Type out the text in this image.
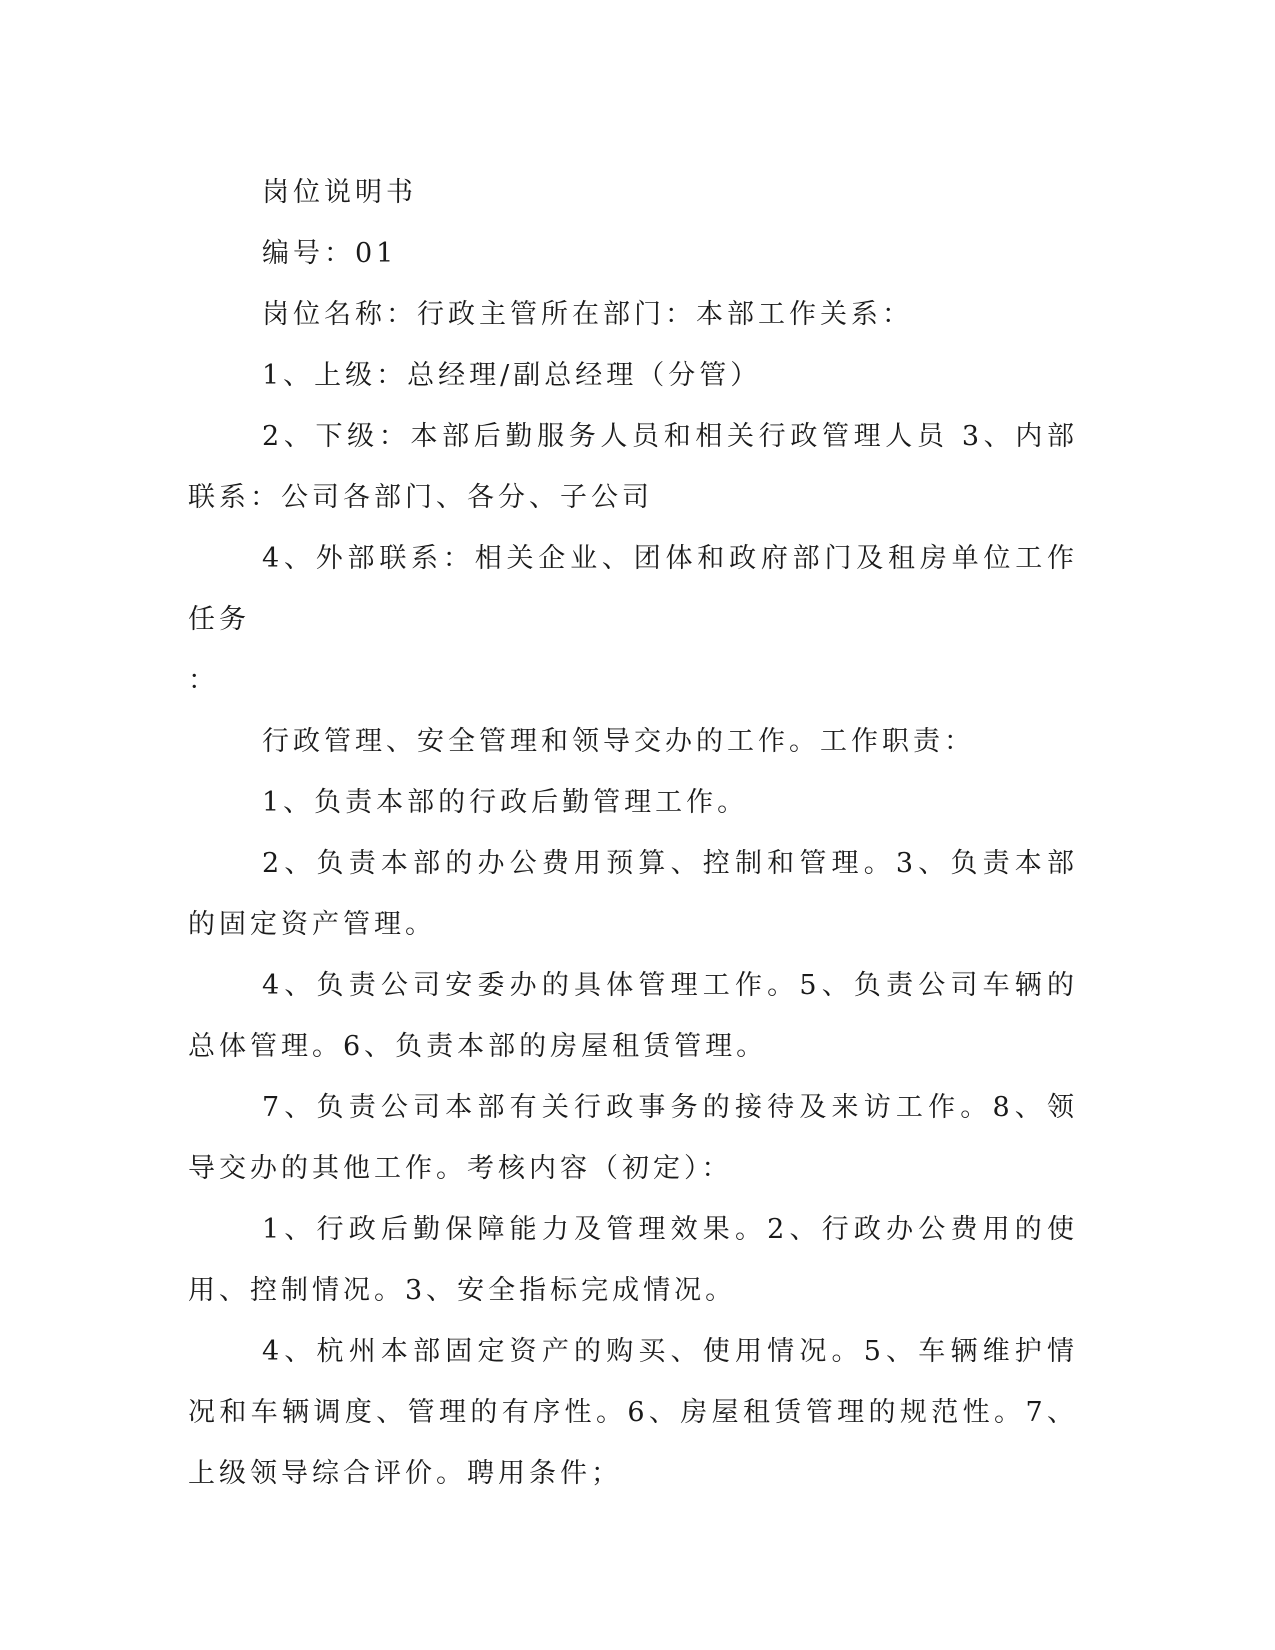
岗位说明书

编号：01

岗位名称：行政主管所在部门：本部工作关系：

1、上级：总经理/副总经理（分管）

2、下级：本部后勤服务人员和相关行政管理人员 3、内部联系：公司各部门、各分、子公司

4、外部联系：相关企业、团体和政府部门及租房单位工作任务

：

行政管理、安全管理和领导交办的工作。工作职责：

1、负责本部的行政后勤管理工作。

2、负责本部的办公费用预算、控制和管理。3、负责本部的固定资产管理。

4、负责公司安委办的具体管理工作。5、负责公司车辆的总体管理。6、负责本部的房屋租赁管理。

7、负责公司本部有关行政事务的接待及来访工作。8、领导交办的其他工作。考核内容（初定）：

1、行政后勤保障能力及管理效果。2、行政办公费用的使用、控制情况。3、安全指标完成情况。

4、杭州本部固定资产的购买、使用情况。5、车辆维护情况和车辆调度、管理的有序性。6、房屋租赁管理的规范性。7、上级领导综合评价。聘用条件；
